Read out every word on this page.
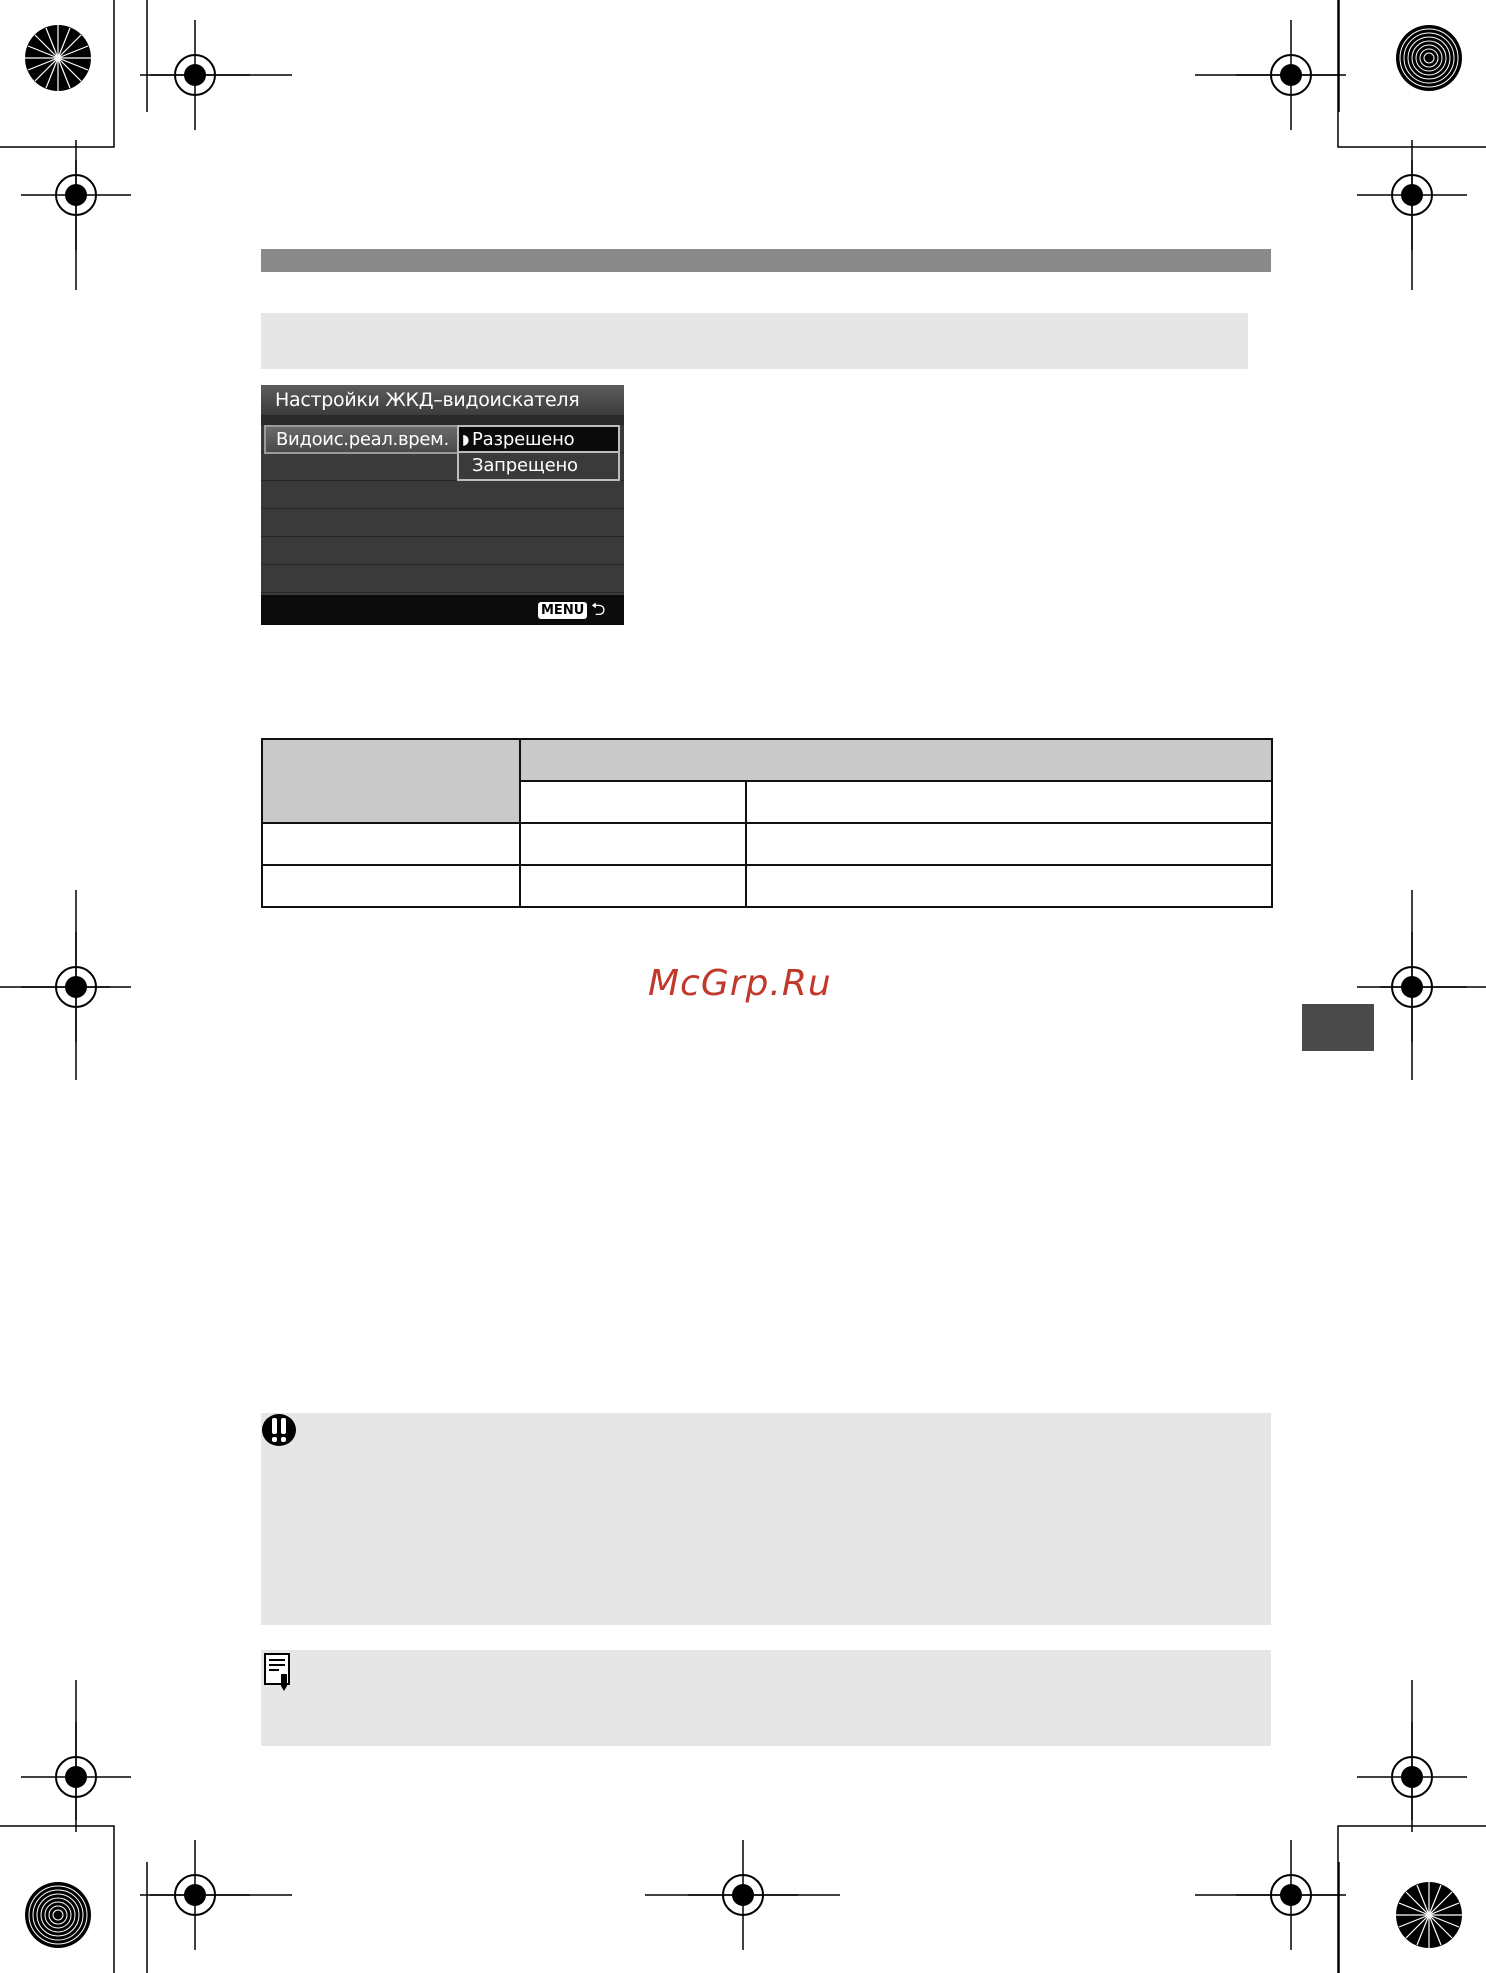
Настройки ЖКД–видоискателя
Видоис.реал.врем. ◗ Разрешено
Запрещено
MENU ⮌

McGrp.Ru
